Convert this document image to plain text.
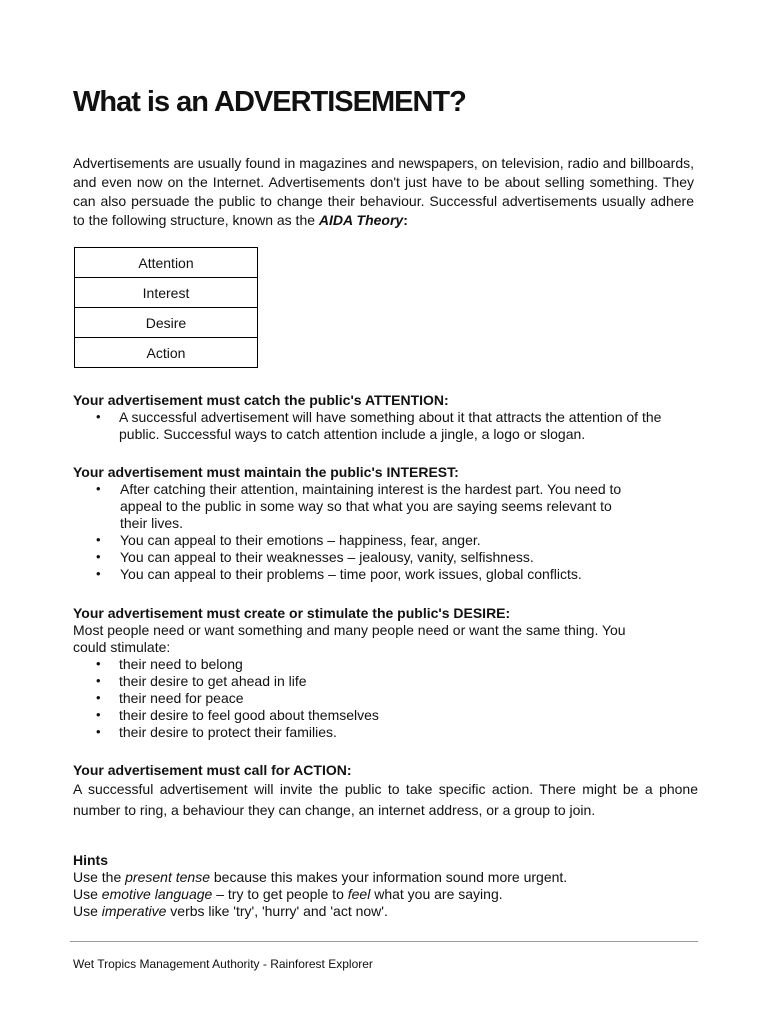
What is an ADVERTISEMENT?

Advertisements are usually found in magazines and newspapers, on television, radio and billboards, and even now on the Internet. Advertisements don't just have to be about selling something. They can also persuade the public to change their behaviour. Successful advertisements usually adhere to the following structure, known as the AIDA Theory:

Attention
Interest
Desire
Action
Your advertisement must catch the public's ATTENTION:
• A successful advertisement will have something about it that attracts the attention of the public. Successful ways to catch attention include a jingle, a logo or slogan.
Your advertisement must maintain the public's INTEREST:
• After catching their attention, maintaining interest is the hardest part. You need to appeal to the public in some way so that what you are saying seems relevant to their lives.
• You can appeal to their emotions – happiness, fear, anger.
• You can appeal to their weaknesses – jealousy, vanity, selfishness.
• You can appeal to their problems – time poor, work issues, global conflicts.
Your advertisement must create or stimulate the public's DESIRE:

Most people need or want something and many people need or want the same thing. You could stimulate:

• their need to belong
• their desire to get ahead in life
• their need for peace
• their desire to feel good about themselves
• their desire to protect their families.
Your advertisement must call for ACTION:

A successful advertisement will invite the public to take specific action. There might be a phone number to ring, a behaviour they can change, an internet address, or a group to join.

Hints
Use the present tense because this makes your information sound more urgent.
Use emotive language – try to get people to feel what you are saying.
Use imperative verbs like 'try', 'hurry' and 'act now'.
Wet Tropics Management Authority - Rainforest Explorer
